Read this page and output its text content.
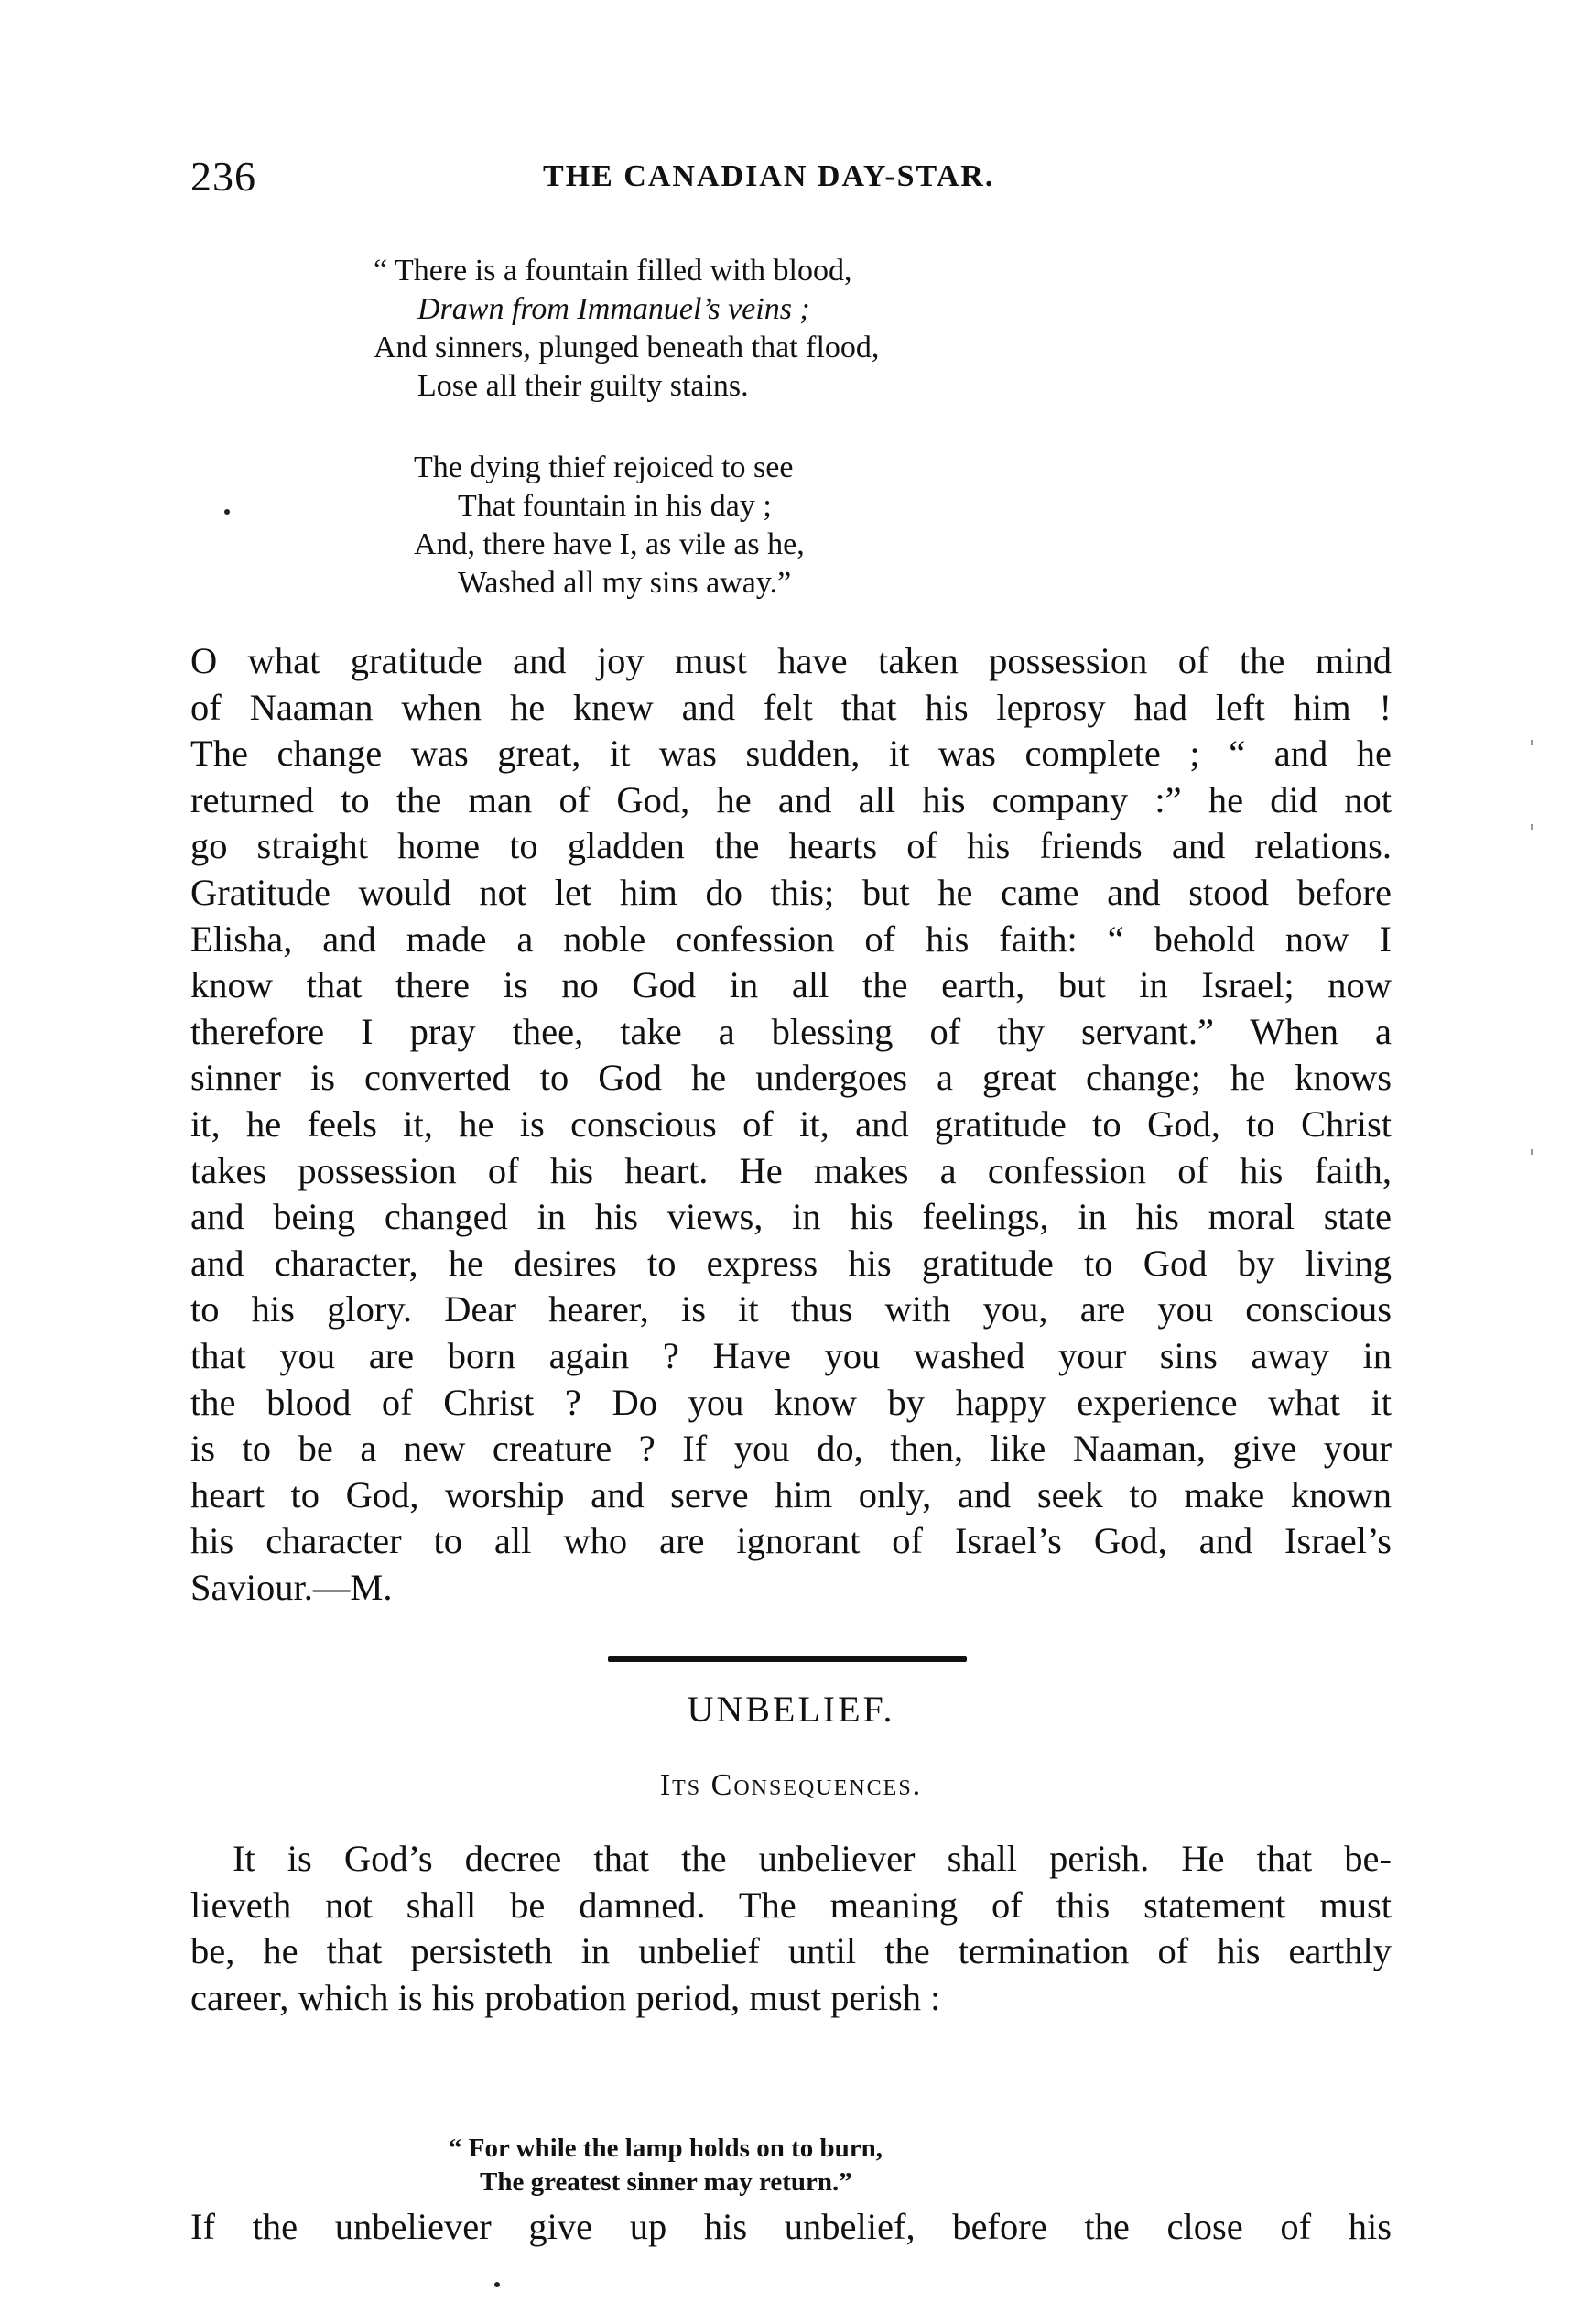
236	THE CANADIAN DAY-STAR.
“ There is a fountain filled with blood,
Drawn from Immanuel’s veins ;
And sinners, plunged beneath that flood,
Lose all their guilty stains.
The dying thief rejoiced to see
That fountain in his day ;
And, there have I, as vile as he,
Washed all my sins away.”
O what gratitude and joy must have taken possession of the mind
of Naaman when he knew and felt that his leprosy had left him !
The change was great, it was sudden, it was complete ; “ and he
returned to the man of God, he and all his company :” he did not
go straight home to gladden the hearts of his friends and relations.
Gratitude would not let him do this; but he came and stood before
Elisha, and made a noble confession of his faith: “ behold now I
know that there is no God in all the earth, but in Israel; now
therefore I pray thee, take a blessing of thy servant.” When a
sinner is converted to God he undergoes a great change; he knows
it, he feels it, he is conscious of it, and gratitude to God, to Christ
takes possession of his heart. He makes a confession of his faith,
and being changed in his views, in his feelings, in his moral state
and character, he desires to express his gratitude to God by living
to his glory. Dear hearer, is it thus with you, are you conscious
that you are born again ? Have you washed your sins away in
the blood of Christ ? Do you know by happy experience what it
is to be a new creature ? If you do, then, like Naaman, give your
heart to God, worship and serve him only, and seek to make known
his character to all who are ignorant of Israel’s God, and Israel’s
Saviour.—M.
UNBELIEF.
Its Consequences.
It is God’s decree that the unbeliever shall perish. He that be-
lieveth not shall be damned. The meaning of this statement must
be, he that persisteth in unbelief until the termination of his earthly
career, which is his probation period, must perish :
“ For while the lamp holds on to burn,
The greatest sinner may return.”
If the unbeliever give up his unbelief, before the close of his
